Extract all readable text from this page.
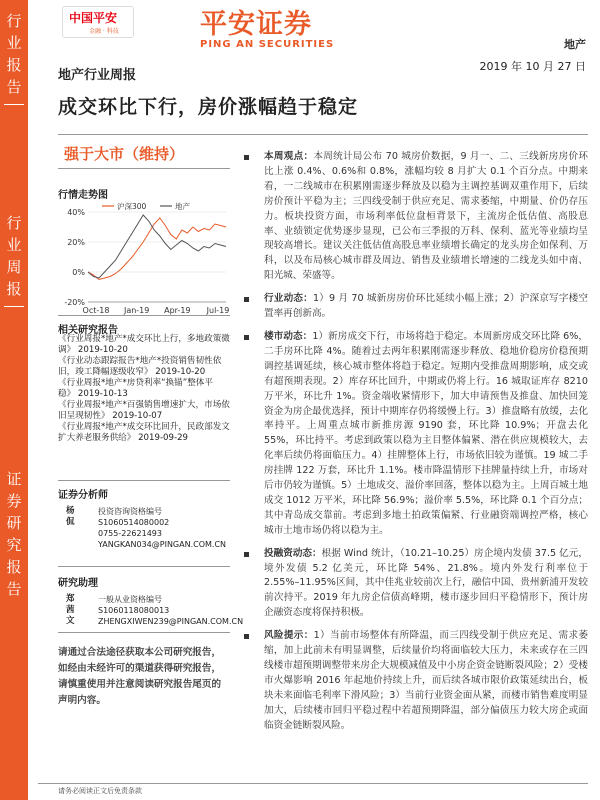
行
业
报
告
行
业
周
报
证
券
研
究
报
告
中国平安
金融 · 科技	平安证券
PING AN SECURITIES	地产
地产行业周报
2019 年 10 月 27 日
成交环比下行，房价涨幅趋于稳定
强于大市（维持）
行情走势图
40%
20%
0%
-20%
Oct-18 Jan-19 Apr-19 Jul-19
沪深300	地产
相关研究报告

《行业周报*地产*成交环比上行，多地政策微调》 2019-10-20

《行业动态跟踪报告*地产*投资销售韧性依旧，竣工降幅逐级收窄》 2019-10-20

《行业周报*地产*房贷利率“换锚”整体平稳》 2019-10-13

《行业周报*地产*百强销售增速扩大，市场依旧呈现韧性》 2019-10-07

《行业周报*地产*成交环比回升，民政部发文扩大养老服务供给》 2019-09-29

证券分析师
杨侃
投资咨询资格编号
S1060514080002
0755-22621493
YANGKAN034@PINGAN.COM.CN
研究助理
郑茜文
一般从业资格编号
S1060118080013
ZHENGXIWEN239@PINGAN.COM.CN
请通过合法途径获取本公司研究报告，如经由未经许可的渠道获得研究报告，请慎重使用并注意阅读研究报告尾页的声明内容。
本周观点：本周统计局公布 70 城房价数据，9 月一、二、三线新房房价环比上涨 0.4%、0.6%和 0.8%，涨幅均较 8 月扩大 0.1 个百分点。中期来看，一二线城市在积累刚需逐步释放及以稳为主调控基调双重作用下，后续房价预计平稳为主；三四线受制于供应充足、需求萎缩，中期量、价仍存压力。板块投资方面，市场利率低位盘桓背景下，主流房企低估值、高股息率、业绩锁定优势逐步显现，已公布三季报的万科、保利、蓝光等业绩均呈现较高增长。建议关注低估值高股息率业绩增长确定的龙头房企如保利、万科，以及布局核心城市群及周边、销售及业绩增长增速的二线龙头如中南、阳光城、荣盛等。
行业动态：1）9 月 70 城新房房价环比延续小幅上涨；2）沪深京写字楼空置率再创新高。
楼市动态：1）新房成交下行，市场将趋于稳定。本周新房成交环比降 6%，二手房环比降 4%。随着过去两年积累刚需逐步释放、稳地价稳房价稳预期调控基调延续，核心城市整体将趋于稳定。短期内受推盘周期影响，成交或有超预期表现。2）库存环比回升，中期或仍将上行。16 城取证库存 8210 万平米，环比升 1%。资金端收紧情形下，加大申请预售及推盘、加快回笼资金为房企最优选择，预计中期库存仍将缓慢上行。3）推盘略有放缓，去化率持平。上周重点城市新推房源 9190 套，环比降 10.9%；开盘去化 55%，环比持平。考虑到政策以稳为主目整体偏紧、潜在供应规模较大，去化率后续仍将面临压力。4）挂牌整体上行，市场依旧较为谨慎。19 城二手房挂牌 122 万套，环比升 1.1%。楼市降温情形下挂牌量持续上升，市场对后市仍较为谨慎。5）土地成交、溢价率回落，整体以稳为主。上周百城土地成交 1012 万平米，环比降 56.9%；溢价率 5.5%，环比降 0.1 个百分点；其中青岛成交靠前。考虑到多地土拍政策偏紧、行业融资端调控严格，核心城市土地市场仍将以稳为主。
投融资动态：根据 Wind 统计，（10.21–10.25）房企境内发债 37.5 亿元，境外发债 5.2 亿美元，环比降 54%、21.8%。境内外发行利率位于 2.55%–11.95%区间，其中佳兆业较前次上行，融信中国、贵州新浦开发较前次持平。2019 年九房企信债高峰期，楼市逐步回归平稳情形下，预计房企融资态度将保持积极。
风险提示：1）当前市场整体有所降温，而三四线受制于供应充足、需求萎缩，加上此前未有明显调整，后续量价均将面临较大压力，未来或存在三四线楼市超预期调整带来房企大规模减值及中小房企资金链断裂风险；2）受楼市火爆影响 2016 年起地价持续上升，而后续各城市限价政策延续出台，板块未来面临毛利率下滑风险；3）当前行业资金面从紧，而楼市销售难度明显加大，后续楼市回归平稳过程中若超预期降温，部分偏债压力较大房企或面临资金链断裂风险。
请务必阅读正文后免责条款
